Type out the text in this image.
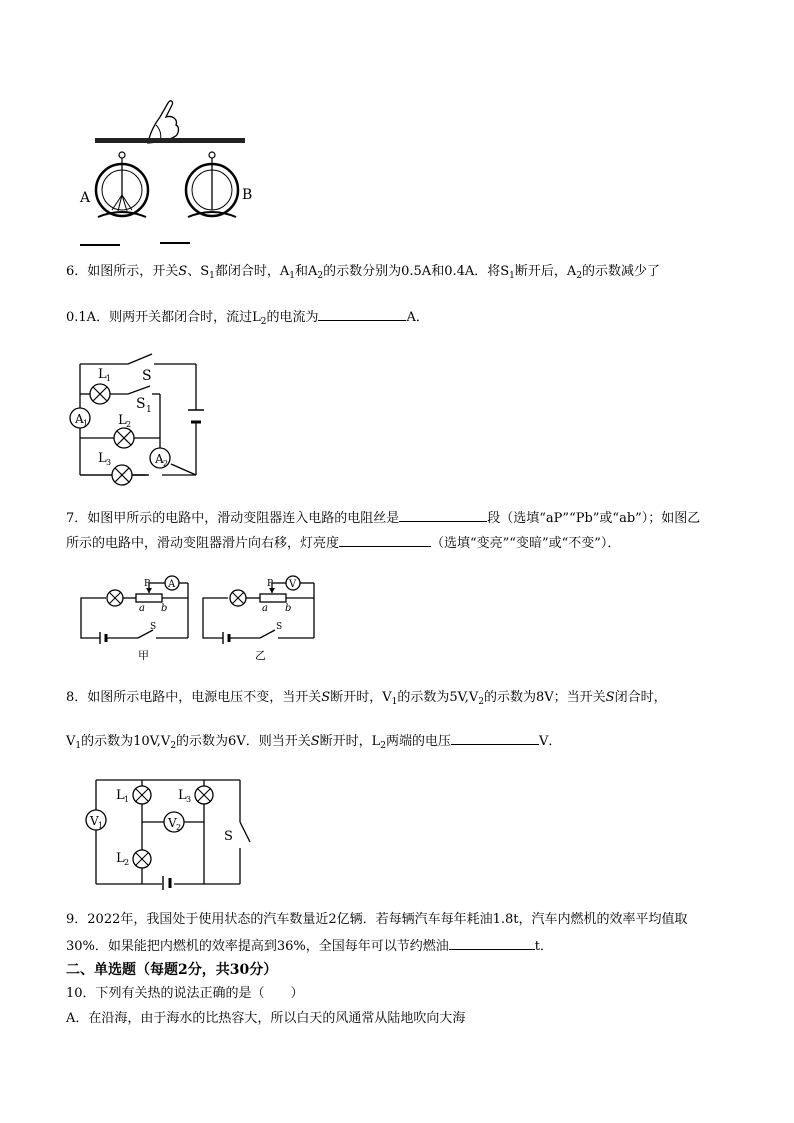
A	B
6．如图所示，开关S、$S_1$都闭合时，$A_1$和$A_2$的示数分别为0.5A和0.4A．将$S_1$断开后，$A_2$的示数减少了
0.1A．则两开关都闭合时，流过$L_2$的电流为	A．
A 1
A 2
S
S 1
L 1
L 2
L 3
7．如图甲所示的电路中，滑动变阻器连入电路的电阻丝是	段（选填“aP”“Pb”或“ab”）；如图乙
所示的电路中，滑动变阻器滑片向右移，灯亮度	（选填“变亮”“变暗”或“不变”）．
A	V
P
a b
S
甲
P
a b
S
乙
8．如图所示电路中，电源电压不变，当开关S断开时，$V_1$的示数为$5V,V_2$的示数为8V；当开关S闭合时，
$V_1$的示数为$10V,V_2$的示数为6V．则当开关S断开时，$L_2$两端的电压	V．
V 1	V 2
L 1	L 3
L 2
S
9．2022年，我国处于使用状态的汽车数量近2亿辆．若每辆汽车每年耗油1.8t，汽车内燃机的效率平均值取
30%．如果能把内燃机的效率提高到36%，全国每年可以节约燃油	t．
二、单选题（每题2分，共30分）
10．下列有关热的说法正确的是（　　）
A．在沿海，由于海水的比热容大，所以白天的风通常从陆地吹向大海
